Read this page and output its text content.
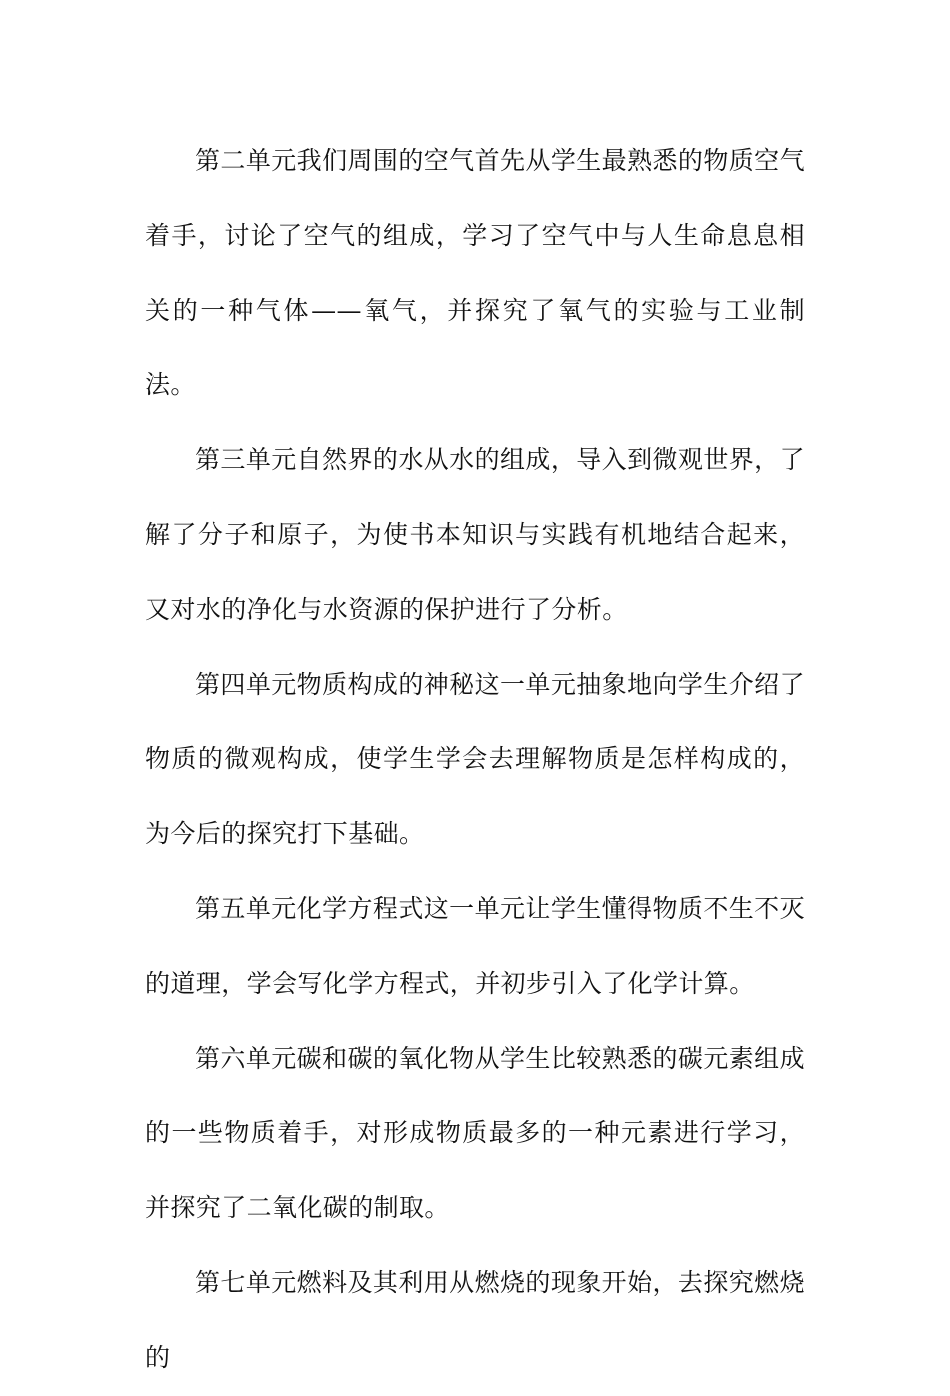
第二单元我们周围的空气首先从学生最熟悉的物质空气着手，讨论了空气的组成，学习了空气中与人生命息息相关的一种气体——氧气，并探究了氧气的实验与工业制法。

第三单元自然界的水从水的组成，导入到微观世界，了解了分子和原子，为使书本知识与实践有机地结合起来，又对水的净化与水资源的保护进行了分析。

第四单元物质构成的神秘这一单元抽象地向学生介绍了物质的微观构成，使学生学会去理解物质是怎样构成的，为今后的探究打下基础。

第五单元化学方程式这一单元让学生懂得物质不生不灭的道理，学会写化学方程式，并初步引入了化学计算。

第六单元碳和碳的氧化物从学生比较熟悉的碳元素组成的一些物质着手，对形成物质最多的一种元素进行学习，并探究了二氧化碳的制取。

第七单元燃料及其利用从燃烧的现象开始，去探究燃烧的
